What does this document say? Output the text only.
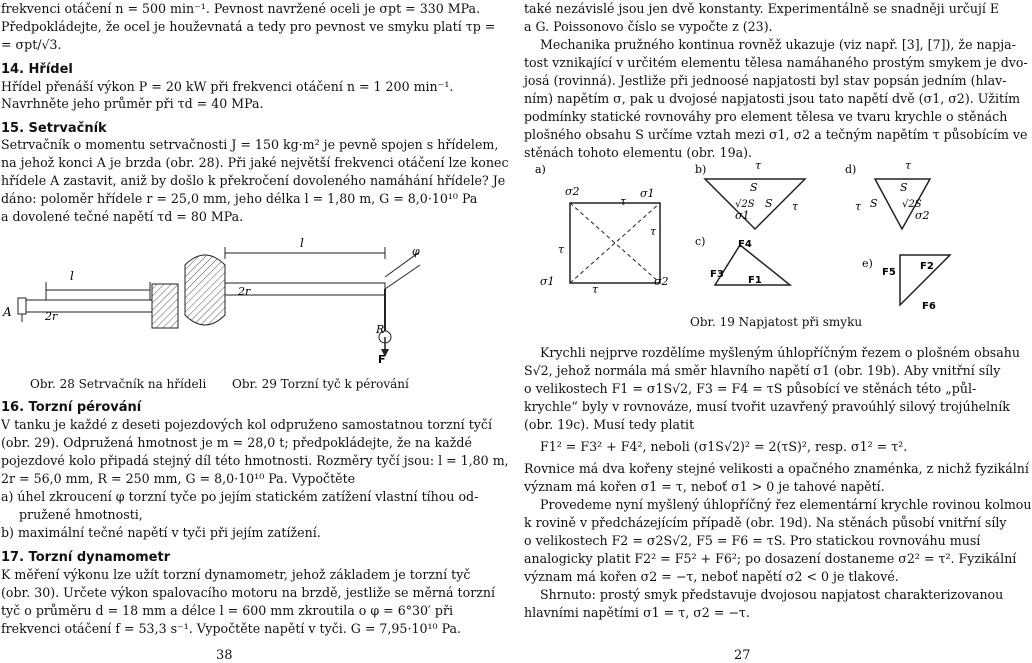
frekvenci otáčení n = 500 min⁻¹. Pevnost navržené oceli je σpt = 330 MPa.
Předpokládejte, že ocel je houževnatá a tedy pro pevnost ve smyku platí τp =
= σpt/√3.
14. Hřídel
Hřídel přenáší výkon P = 20 kW při frekvenci otáčení n = 1 200 min⁻¹.
Navrhněte jeho průměr při τd = 40 MPa.
15. Setrvačník
Setrvačník o momentu setrvačnosti J = 150 kg·m² je pevně spojen s hřídelem,
na jehož konci A je brzda (obr. 28). Při jaké největší frekvenci otáčení lze konec
hřídele A zastavit, aniž by došlo k překročení dovoleného namáhání hřídele? Je
dáno: poloměr hřídele r = 25,0 mm, jeho délka l = 1,80 m, G = 8,0·10¹⁰ Pa
a dovolené tečné napětí τd = 80 MPa.
l
A	2r
Obr. 28 Setrvačník na hřídeli
l
2r
φ
R
F
Obr. 29 Torzní tyč k pérování
16. Torzní pérování
V tanku je každé z deseti pojezdových kol odpruženo samostatnou torzní tyčí
(obr. 29). Odpružená hmotnost je m = 28,0 t; předpokládejte, že na každé
pojezdové kolo připadá stejný díl této hmotnosti. Rozměry tyčí jsou: l = 1,80 m,
2r = 56,0 mm, R = 250 mm, G = 8,0·10¹⁰ Pa. Vypočtěte
a) úhel zkroucení φ torzní tyče po jejím statickém zatížení vlastní tíhou od-
pružené hmotnosti,
b) maximální tečné napětí v tyči při jejím zatížení.
17. Torzní dynamometr
K měření výkonu lze užít torzní dynamometr, jehož základem je torzní tyč
(obr. 30). Určete výkon spalovacího motoru na brzdě, jestliže se měrná torzní
tyč o průměru d = 18 mm a délce l = 600 mm zkroutila o φ = 6°30′ při
frekvenci otáčení f = 53,3 s⁻¹. Vypočtěte napětí v tyči. G = 7,95·10¹⁰ Pa.
38
také nezávislé jsou jen dvě konstanty. Experimentálně se snadněji určují E
a G. Poissonovo číslo se vypočte z (23).
Mechanika pružného kontinua rovněž ukazuje (viz např. [3], [7]), že napja-
tost vznikající v určitém elementu tělesa namáhaného prostým smykem je dvo-
josá (rovinná). Jestliže při jednoosé napjatosti byl stav popsán jedním (hlav-
ním) napětím σ, pak u dvojosé napjatosti jsou tato napětí dvě (σ1, σ2). Užitím
podmínky statické rovnováhy pro element tělesa ve tvaru krychle o stěnách
plošného obsahu S určíme vztah mezi σ1, σ2 a tečným napětím τ působícím ve
stěnách tohoto elementu (obr. 19a).
a)
σ2
τ
σ1
τ
σ1
τ
σ2
τ
b)	τ
S
S
√2S
σ1
τ
d)	τ
S
S √2S
τ
σ2
c)	F4
F3
F1
e)
F5
F2
F6
Obr. 19 Napjatost při smyku
Krychli nejprve rozdělíme myšleným úhlopříčným řezem o plošném obsahu
S√2, jehož normála má směr hlavního napětí σ1 (obr. 19b). Aby vnitřní síly
o velikostech F1 = σ1S√2, F3 = F4 = τS působící ve stěnách této „půl-
krychle“ byly v rovnováze, musí tvořit uzavřený pravoúhlý silový trojúhelník
(obr. 19c). Musí tedy platit
F1² = F3² + F4², neboli (σ1S√2)² = 2(τS)², resp. σ1² = τ².
Rovnice má dva kořeny stejné velikosti a opačného znaménka, z nichž fyzikální
význam má kořen σ1 = τ, neboť σ1 > 0 je tahové napětí.
Provedeme nyní myšlený úhlopříčný řez elementární krychle rovinou kolmou
k rovině v předcházejícím případě (obr. 19d). Na stěnách působí vnitřní síly
o velikostech F2 = σ2S√2, F5 = F6 = τS. Pro statickou rovnováhu musí
analogicky platit F2² = F5² + F6²; po dosazení dostaneme σ2² = τ². Fyzikální
význam má kořen σ2 = −τ, neboť napětí σ2 < 0 je tlakové.
Shrnuto: prostý smyk představuje dvojosou napjatost charakterizovanou
hlavními napětími σ1 = τ, σ2 = −τ.
27
